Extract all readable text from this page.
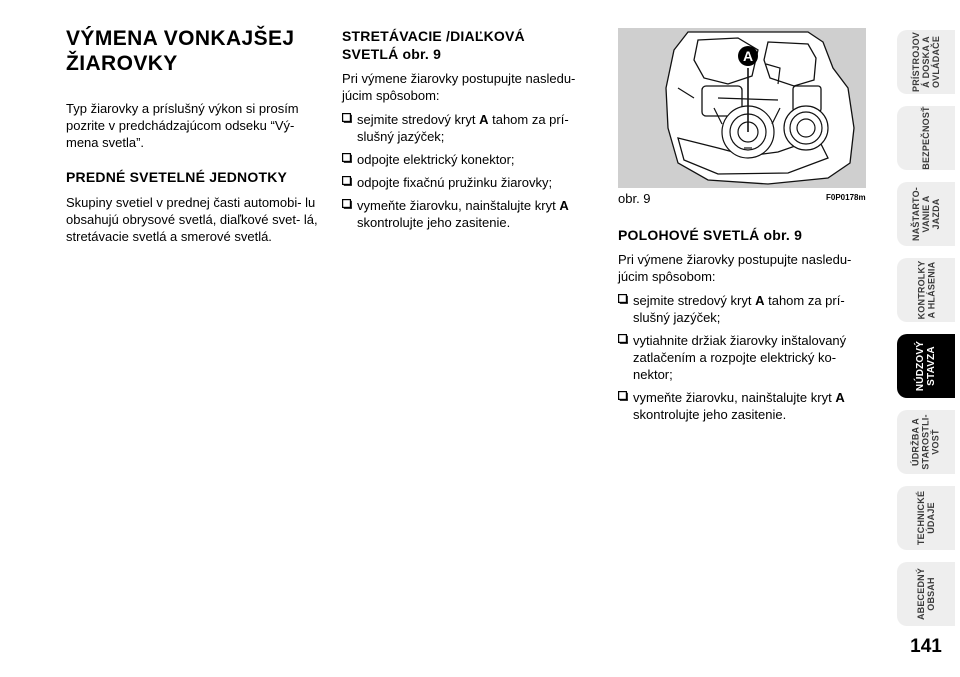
VÝMENA VONKAJŠEJ
ŽIAROVKY

Typ žiarovky a príslušný výkon si prosím pozrite v predchádzajúcom odseku “Vý- mena svetla”.

PREDNÉ SVETELNÉ JEDNOTKY

Skupiny svetiel v prednej časti automobi- lu obsahujú obrysové svetlá, diaľkové svet- lá, stretávacie svetlá a smerové svetlá.

STRETÁVACIE /DIAĽKOVÁ
SVETLÁ obr. 9

Pri výmene žiarovky postupujte nasledu- júcim spôsobom:

sejmite stredový kryt A tahom za prí- slušný jazýček;
odpojte elektrický konektor;
odpojte fixačnú pružinku žiarovky;
vymeňte žiarovku, nainštalujte kryt A skontrolujte jeho zasitenie.
A
obr. 9	F0P0178m
POLOHOVÉ SVETLÁ obr. 9

Pri výmene žiarovky postupujte nasledu- júcim spôsobom:

sejmite stredový kryt A tahom za prí- slušný jazýček;
vytiahnite držiak žiarovky inštalovaný zatlačením a rozpojte elektrický ko- nektor;
vymeňte žiarovku, nainštalujte kryt A skontrolujte jeho zasitenie.
PRÍSTROJOV
Á DOSKA A
OVLÁDAČE
BEZPEČNOSŤ
NAŠTARTO-
VANIE A
JAZDA
KONTROLKY
A HLÁSENIA
NÚDZOVÝ
STAVZA
ÚDRŽBA A
STAROSTLI-
VOSŤ
TECHNICKÉ
ÚDAJE
ABECEDNÝ
OBSAH
141
